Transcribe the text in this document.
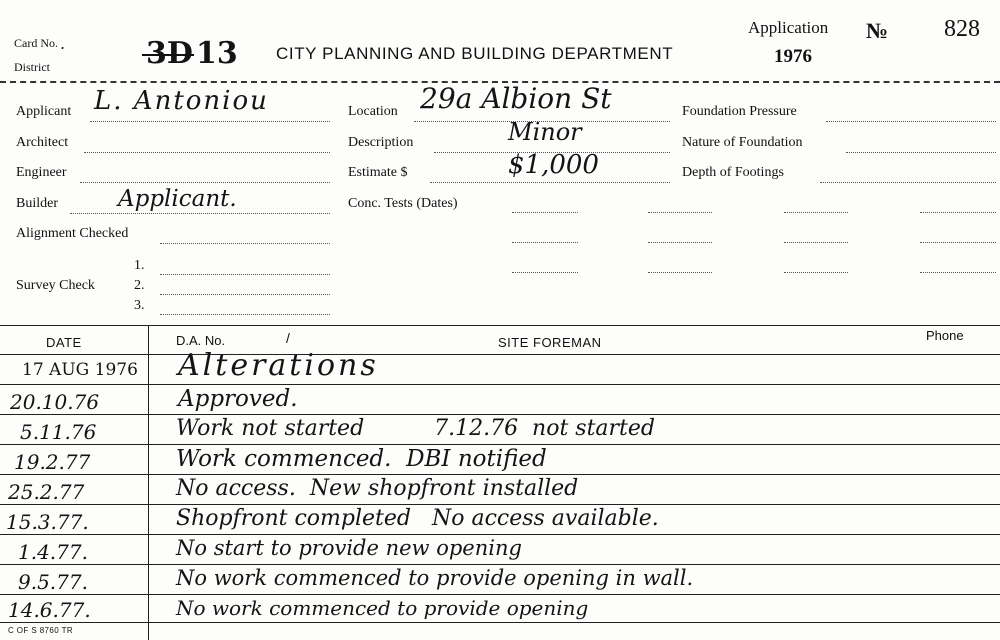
Card No.
District
.	3D 13 CITY PLANNING AND BUILDING DEPARTMENT
Application
1976
№ 828
Applicant L. Antoniou
Architect
Engineer
Builder	Applicant.
Alignment Checked
Survey Check
1.
2.
3.
Location 29a Albion St
Description	Minor
Estimate $	$1,000
Conc. Tests (Dates)
Foundation Pressure
Nature of Foundation
Depth of Footings
DATE	D.A. No.	/	SITE FOREMAN	Phone
17 AUG 1976 Alterations
20.10.76	Approved.
5.11.76	Work not started          7.12.76  not started
19.2.77	Work commenced.  DBI notified
25.2.77	No access.  New shopfront installed
15.3.77.	Shopfront completed   No access available.
1.4.77.	No start to provide new opening
9.5.77.	No work commenced to provide opening in wall.
14.6.77.	No work commenced to provide opening
C OF S 8760 TR
